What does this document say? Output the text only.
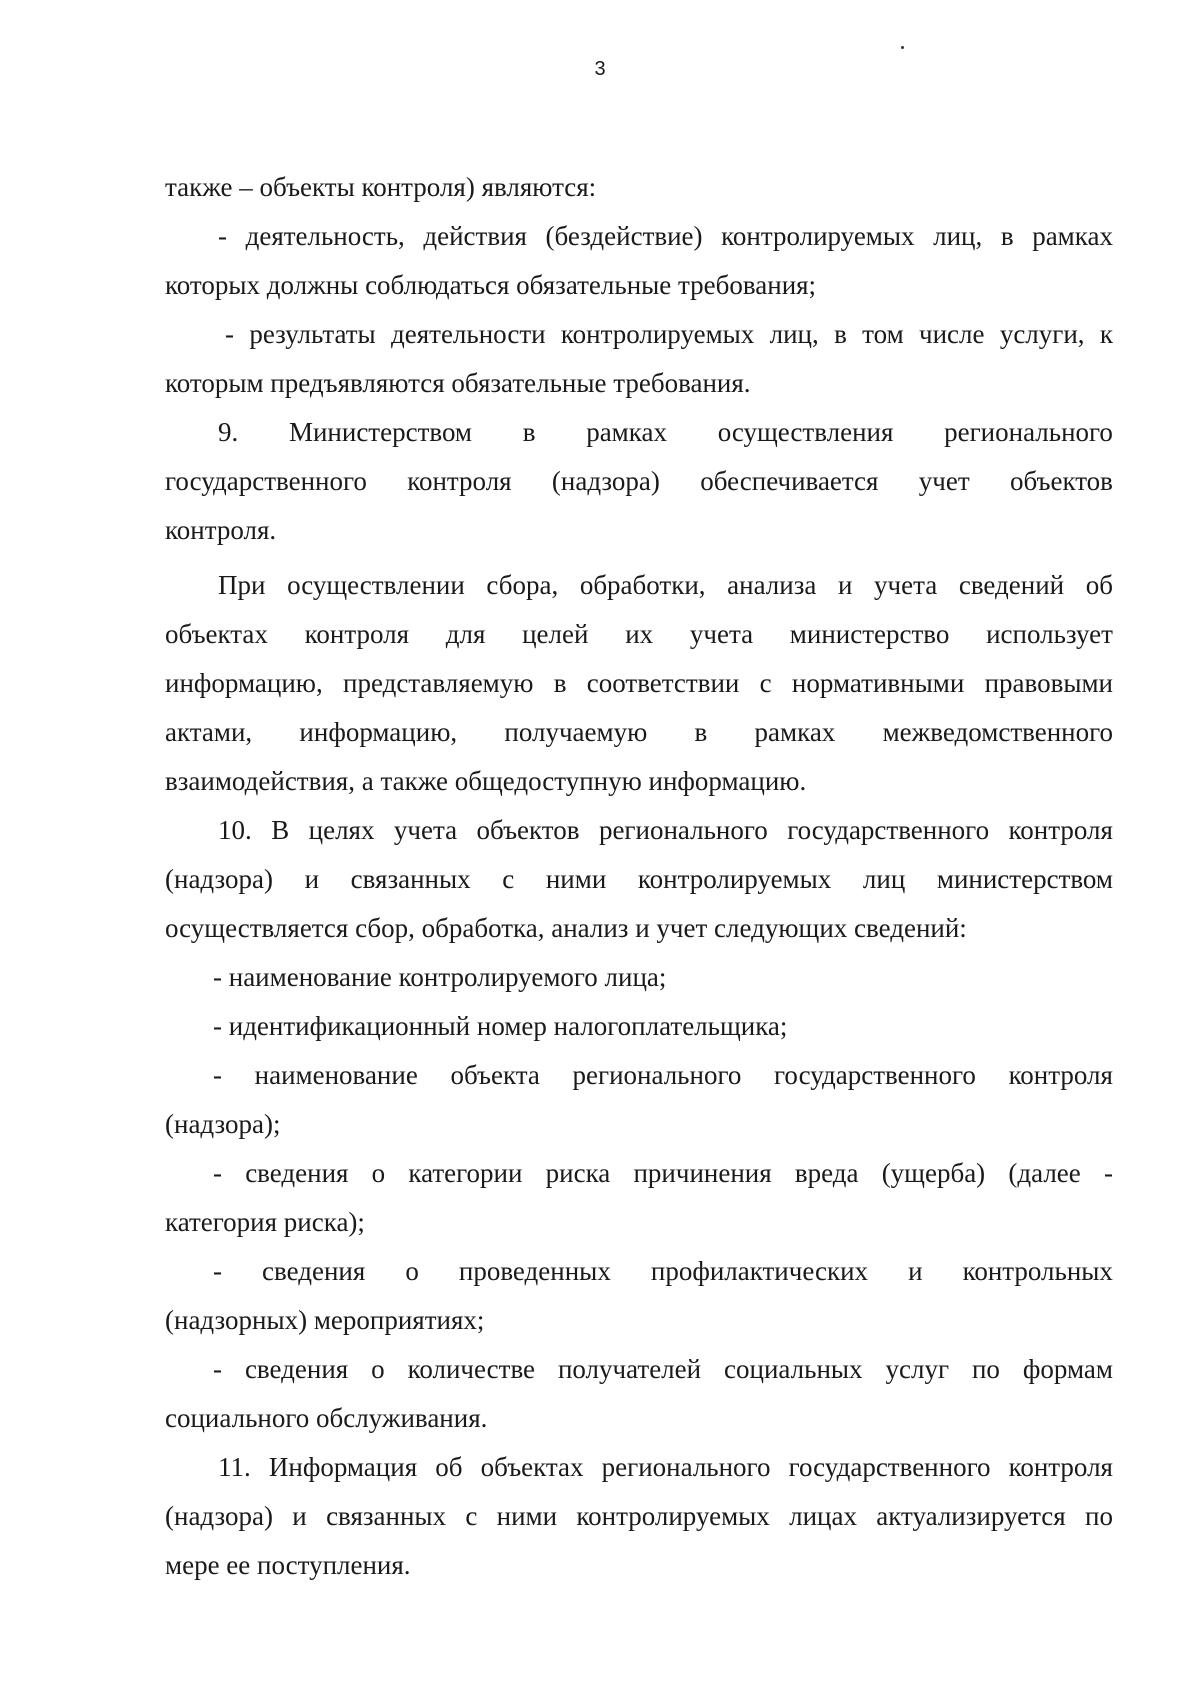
3
также – объекты контроля) являются:
- деятельность, действия (бездействие) контролируемых лиц, в рамках
которых должны соблюдаться обязательные требования;
- результаты деятельности контролируемых лиц, в том числе услуги, к
которым предъявляются обязательные требования.
9. Министерством в рамках осуществления регионального
государственного контроля (надзора) обеспечивается учет объектов
контроля.
При осуществлении сбора, обработки, анализа и учета сведений об
объектах контроля для целей их учета министерство использует
информацию, представляемую в соответствии с нормативными правовыми
актами, информацию, получаемую в рамках межведомственного
взаимодействия, а также общедоступную информацию.
10. В целях учета объектов регионального государственного контроля
(надзора) и связанных с ними контролируемых лиц министерством
осуществляется сбор, обработка, анализ и учет следующих сведений:
- наименование контролируемого лица;
- идентификационный номер налогоплательщика;
- наименование объекта регионального государственного контроля
(надзора);
- сведения о категории риска причинения вреда (ущерба) (далее -
категория риска);
- сведения о проведенных профилактических и контрольных
(надзорных) мероприятиях;
- сведения о количестве получателей социальных услуг по формам
социального обслуживания.
11. Информация об объектах регионального государственного контроля
(надзора) и связанных с ними контролируемых лицах актуализируется по
мере ее поступления.
